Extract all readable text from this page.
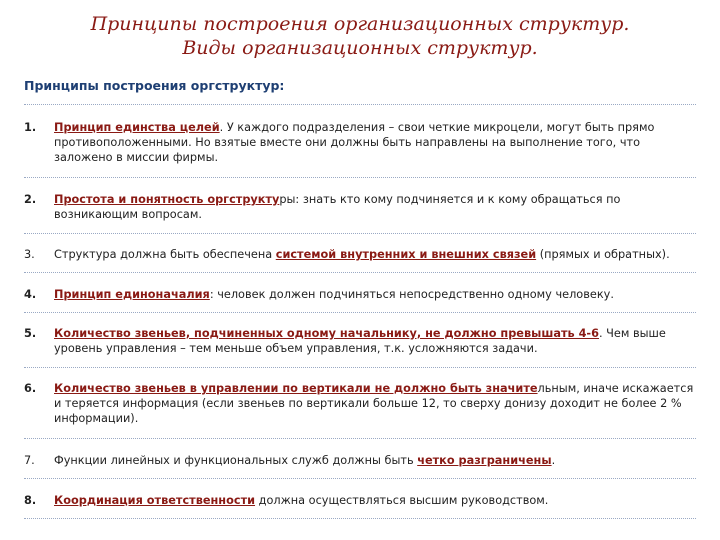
Принципы построения организационных структур.
Виды организационных структур.
Принципы построения оргструктур:
1.	Принцип единства целей. У каждого подразделения – свои четкие микроцели, могут быть прямо противоположенными. Но взятые вместе они должны быть направлены на выполнение того, что заложено в миссии фирмы.
2.	Простота и понятность оргструктуры: знать кто кому подчиняется и к кому обращаться по возникающим вопросам.
3.	Структура должна быть обеспечена системой внутренних и внешних связей (прямых и обратных).
4.	Принцип единоначалия: человек должен подчиняться непосредственно одному человеку.
5.	Количество звеньев, подчиненных одному начальнику, не должно превышать 4-6. Чем выше уровень управления – тем меньше объем управления, т.к. усложняются задачи.
6.	Количество звеньев в управлении по вертикали не должно быть значительным, иначе искажается и теряется информация (если звеньев по вертикали больше 12, то сверху донизу доходит не более 2 % информации).
7.	Функции линейных и функциональных служб должны быть четко разграничены.
8.	Координация ответственности должна осуществляться высшим руководством.
